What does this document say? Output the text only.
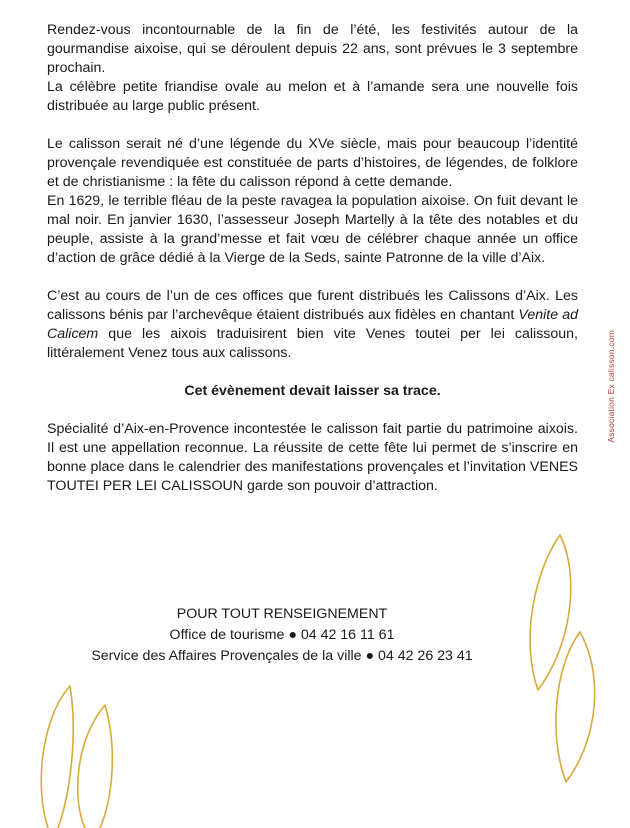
Rendez-vous incontournable de la fin de l’été, les festivités autour de la gourmandise aixoise, qui se déroulent depuis 22 ans, sont prévues le 3 septembre prochain.
La célèbre petite friandise ovale au melon et à l’amande sera une nouvelle fois distribuée au large public présent.

Le calisson serait né d’une légende du XVe siècle, mais pour beaucoup l’identité provençale revendiquée est constituée de parts d’histoires, de légendes, de folklore et de christianisme : la fête du calisson répond à cette demande.
En 1629, le terrible fléau de la peste ravagea la population aixoise. On fuit devant le mal noir. En janvier 1630, l’assesseur Joseph Martelly à la tête des notables et du peuple, assiste à la grand’messe et fait vœu de célébrer chaque année un office d’action de grâce dédié à la Vierge de la Seds, sainte Patronne de la ville d’Aix.

C’est au cours de l’un de ces offices que furent distribués les Calissons d’Aix. Les calissons bénis par l’archevêque étaient distribués aux fidèles en chantant Venite ad Calicem que les aixois traduisirent bien vite Venes toutei per lei calissoun, littéralement Venez tous aux calissons.

Cet évènement devait laisser sa trace.

Spécialité d’Aix-en-Provence incontestée le calisson fait partie du patrimoine aixois. Il est une appellation reconnue. La réussite de cette fête lui permet de s’inscrire en bonne place dans le calendrier des manifestations provençales et l’invitation VENES TOUTEI PER LEI CALISSOUN garde son pouvoir d’attraction.

Association Ex calisson.com
POUR TOUT RENSEIGNEMENT
Office de tourisme ● 04 42 16 11 61
Service des Affaires Provençales de la ville ● 04 42 26 23 41
